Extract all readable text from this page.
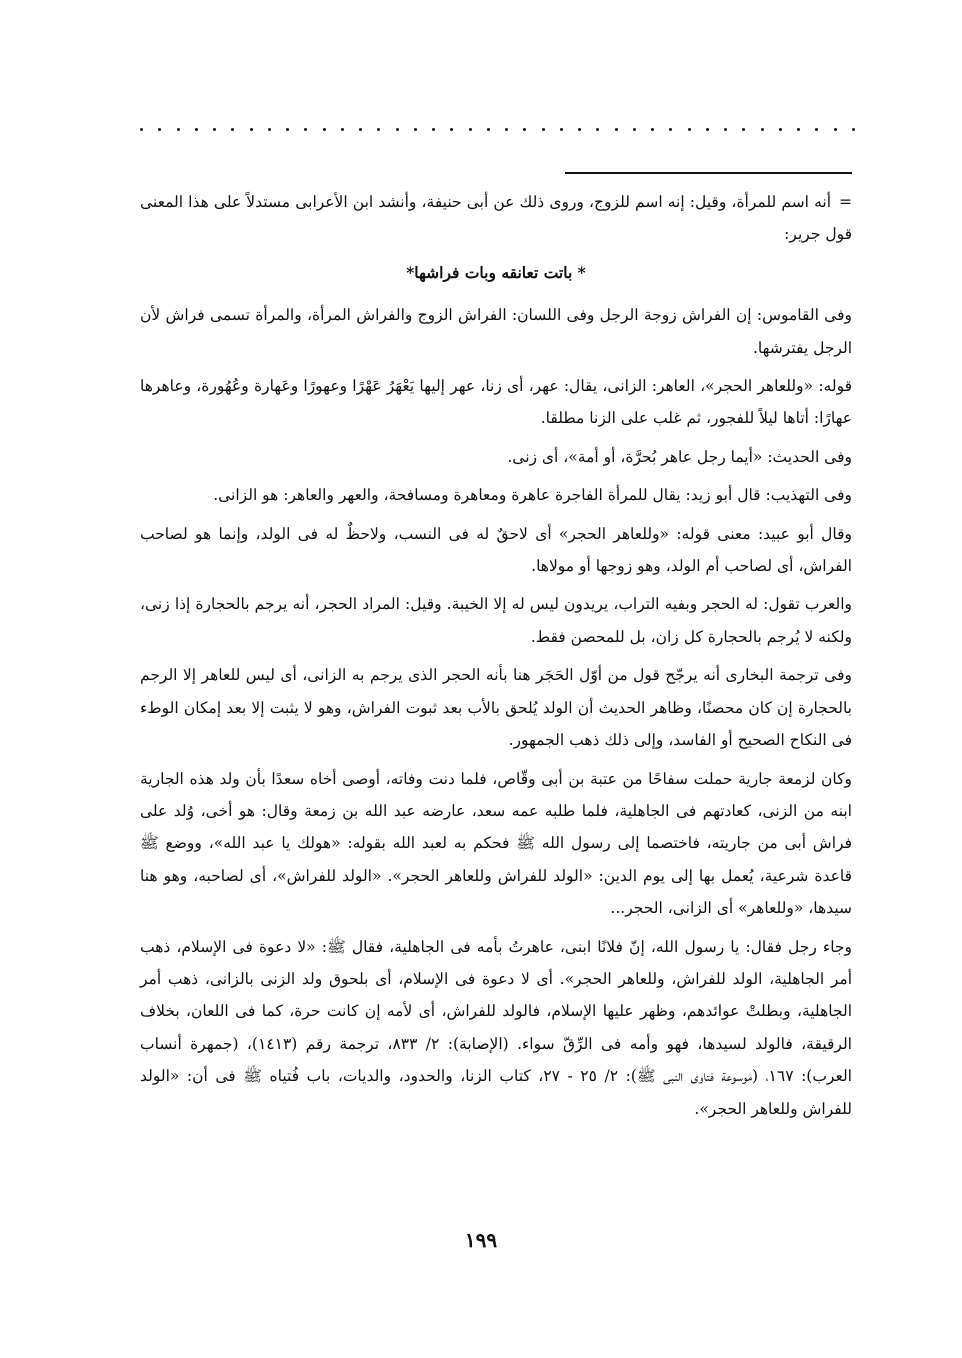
=أنه اسم للمرأة، وقيل: إنه اسم للزوج، وروى ذلك عن أبى حنيفة، وأنشد ابن الأعرابى مستدلاً على هذا المعنى قول جرير:

* باتت تعانقه وبات فراشها*

وفى القاموس: إن الفراش زوجة الرجل وفى اللسان: الفراش الزوج والفراش المرأة، والمرأة تسمى فراش لأن الرجل يفترشها.

قوله: «وللعاهر الحجر»، العاهر: الزانى، يقال: عهر، أى زنا، عهر إليها يَعْهَرُ عَهْرًا وعهورًا وعَهارة وعُهُورة، وعاهرها عهارًا: أتاها ليلاً للفجور، ثم غلب على الزنا مطلقا.

وفى الحديث: «أيما رجل عاهر بُحرَّة، أو أمة»، أى زنى.

وفى التهذيب: قال أبو زيد: يقال للمرأة الفاجرة عاهرة ومعاهرة ومسافحة، والعهر والعاهر: هو الزانى.

وقال أبو عبيد: معنى قوله: «وللعاهر الحجر» أى لاحقٌ له فى النسب، ولاحظٌ له فى الولد، وإنما هو لصاحب الفراش، أى لصاحب أم الولد، وهو زوجها أو مولاها.

والعرب تقول: له الحجر وبفيه التراب، يريدون ليس له إلا الخيبة. وقيل: المراد الحجر، أنه يرجم بالحجارة إذا زنى، ولكنه لا يُرجم بالحجارة كل زان، بل للمحصن فقط.

وفى ترجمة البخارى أنه يرجّح قول من أوّل الحَجَر هنا بأنه الحجر الذى يرجم به الزانى، أى ليس للعاهر إلا الرجم بالحجارة إن كان محصنًا، وظاهر الحديث أن الولد يُلحق بالأب بعد ثبوت الفراش، وهو لا يثبت إلا بعد إمكان الوطء فى النكاح الصحيح أو الفاسد، وإلى ذلك ذهب الجمهور.

وكان لزمعة جارية حملت سفاحًا من عتبة بن أبى وقّاص، فلما دنت وفاته، أوصى أخاه سعدًا بأن ولد هذه الجارية ابنه من الزنى، كعادتهم فى الجاهلية، فلما طلبه عمه سعد، عارضه عبد الله بن زمعة وقال: هو أخى، وُلد على فراش أبى من جاريته، فاختصما إلى رسول الله ﷺ فحكم به لعبد الله بقوله: «هولك يا عبد الله»، ووضع ﷺ قاعدة شرعية، يُعمل بها إلى يوم الدين: «الولد للفراش وللعاهر الحجر». «الولد للفراش»، أى لصاحبه، وهو هنا سيدها، «وللعاهر» أى الزانى، الحجر...

وجاء رجل فقال: يا رسول الله، إنّ فلانًا ابنى، عاهرتُ بأمه فى الجاهلية، فقال ﷺ: «لا دعوة فى الإسلام، ذهب أمر الجاهلية، الولد للفراش، وللعاهر الحجر». أى لا دعوة فى الإسلام، أى بلحوق ولد الزنى بالزانى، ذهب أمر الجاهلية، وبطلتْ عوائدهم، وظهر عليها الإسلام، فالولد للفراش، أى لأمه إن كانت حرة، كما فى اللعان، بخلاف الرقيقة، فالولد لسيدها، فهو وأمه فى الرِّقّ سواء. (الإصابة): ٢/ ٨٣٣، ترجمة رقم (١٤١٣)، (جمهرة أنساب العرب): ١٦٧، (موسوعة فتاوى النبى ﷺ): ٢/ ٢٥ - ٢٧، كتاب الزنا، والحدود، والديات، باب فُتياه ﷺ فى أن: «الولد للفراش وللعاهر الحجر».

١٩٩
